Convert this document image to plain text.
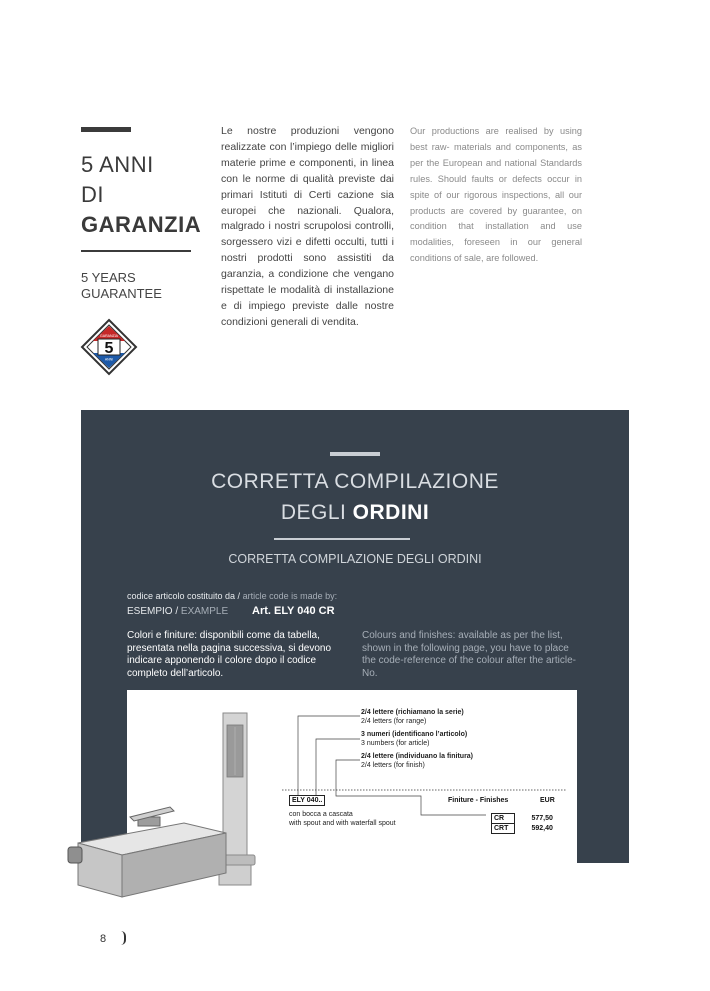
5 ANNI
DI
GARANZIA
5 YEARS
GUARANTEE
5
GARANZIA
ANNI
Le nostre produzioni vengono realizzate con l’impiego delle migliori materie prime e componenti, in linea con le norme di qualità previste dai primari Istituti di Certi cazione sia europei che nazionali. Qualora, malgrado i nostri scrupolosi controlli, sorgessero vizi e difetti occulti, tutti i nostri prodotti sono assistiti da garanzia, a condizione che vengano rispettate le modalità di installazione e di impiego previste dalle nostre condizioni generali di vendita.
Our productions are realised by using best raw- materials and components, as per the European and national Standards rules. Should faults or defects occur in spite of our rigorous inspections, all our products are covered by guarantee, on condition that installation and use modalities, foreseen in our general conditions of sale, are followed.
CORRETTA COMPILAZIONE
DEGLI ORDINI
CORRETTA COMPILAZIONE DEGLI ORDINI
codice articolo costituito da / article code is made by:
ESEMPIO / EXAMPLE Art. ELY 040 CR
Colori e finiture: disponibili come da tabella, presentata nella pagina successiva, si devono indicare apponendo il colore dopo il codice completo dell’articolo.
Colours and finishes: available as per the list, shown in the following page, you have to place the code-reference of the colour after the article-No.
2/4 lettere (richiamano la serie)
2/4 letters (for range)
3 numeri (identificano l’articolo)
3 numbers (for article)
2/4 lettere (individuano la finitura)
2/4 letters (for finish)
ELY 040..
con bocca a cascata
with spout and with waterfall spout
Finiture - Finishes	EUR
CR	577,50
CRT	592,40
8
